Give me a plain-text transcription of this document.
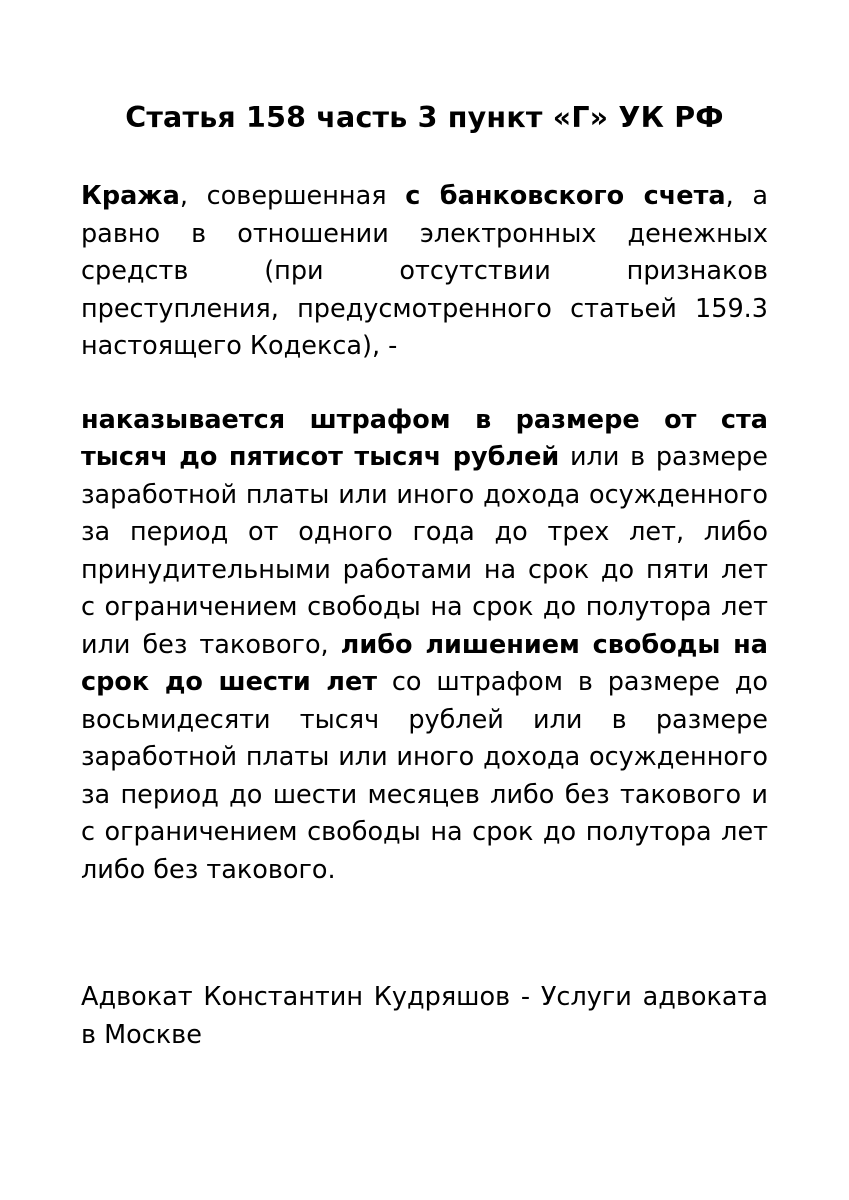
Статья 158 часть 3 пункт «Г» УК РФ

Кража, совершенная с банковского счета, а равно в отношении электронных денежных средств (при отсутствии признаков преступления, предусмотренного статьей 159.3 настоящего Кодекса), -

наказывается штрафом в размере от ста тысяч до пятисот тысяч рублей или в размере заработной платы или иного дохода осужденного за период от одного года до трех лет, либо принудительными работами на срок до пяти лет с ограничением свободы на срок до полутора лет или без такового, либо лишением свободы на срок до шести лет со штрафом в размере до восьмидесяти тысяч рублей или в размере заработной платы или иного дохода осужденного за период до шести месяцев либо без такового и с ограничением свободы на срок до полутора лет либо без такового.

Адвокат Константин Кудряшов - Услуги адвоката в Москве
